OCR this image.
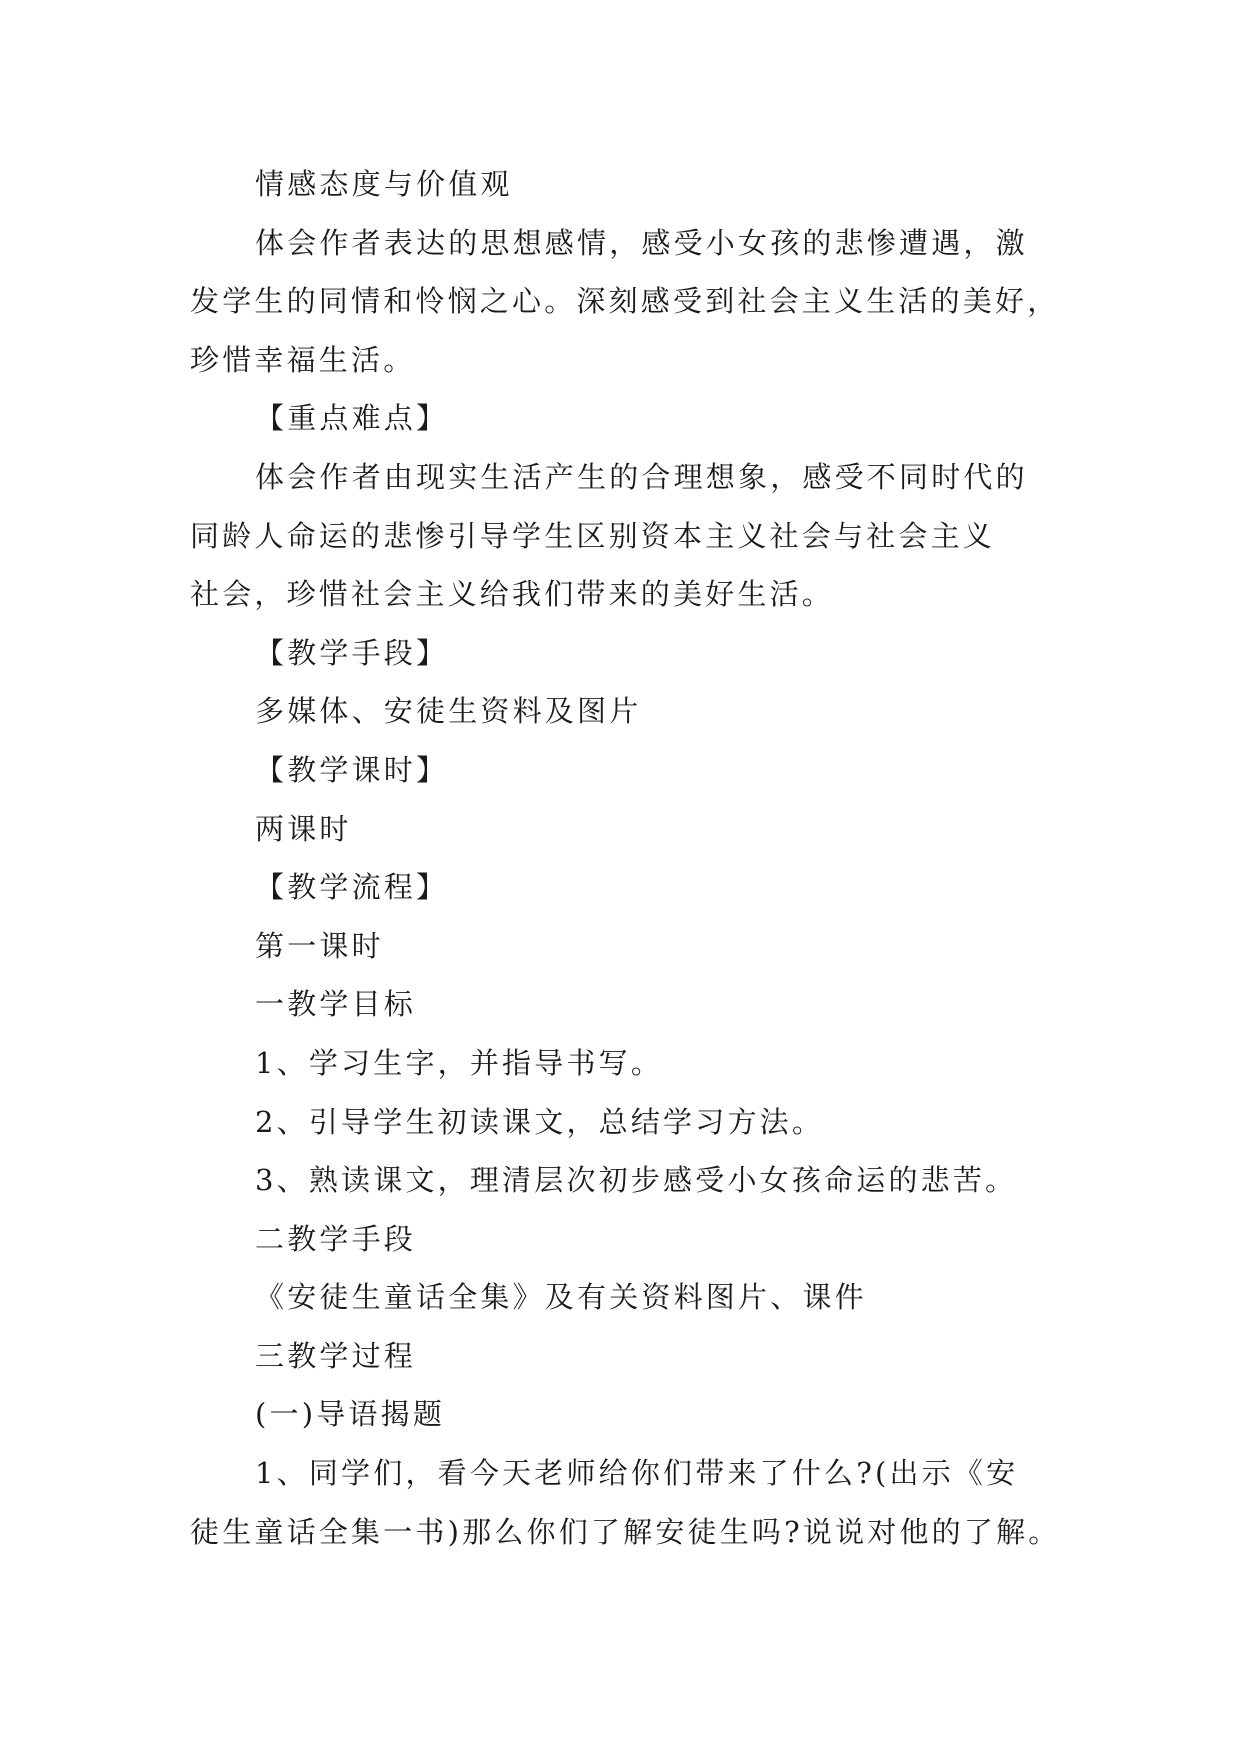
情感态度与价值观

体会作者表达的思想感情，感受小女孩的悲惨遭遇，激

发学生的同情和怜悯之心。深刻感受到社会主义生活的美好，

珍惜幸福生活。

【重点难点】

体会作者由现实生活产生的合理想象，感受不同时代的

同龄人命运的悲惨引导学生区别资本主义社会与社会主义

社会，珍惜社会主义给我们带来的美好生活。

【教学手段】

多媒体、安徒生资料及图片

【教学课时】

两课时

【教学流程】

第一课时

一教学目标

1、学习生字，并指导书写。

2、引导学生初读课文，总结学习方法。

3、熟读课文，理清层次初步感受小女孩命运的悲苦。

二教学手段

《安徒生童话全集》及有关资料图片、课件

三教学过程

(一)导语揭题

1、同学们，看今天老师给你们带来了什么?(出示《安

徒生童话全集一书)那么你们了解安徒生吗?说说对他的了解。
